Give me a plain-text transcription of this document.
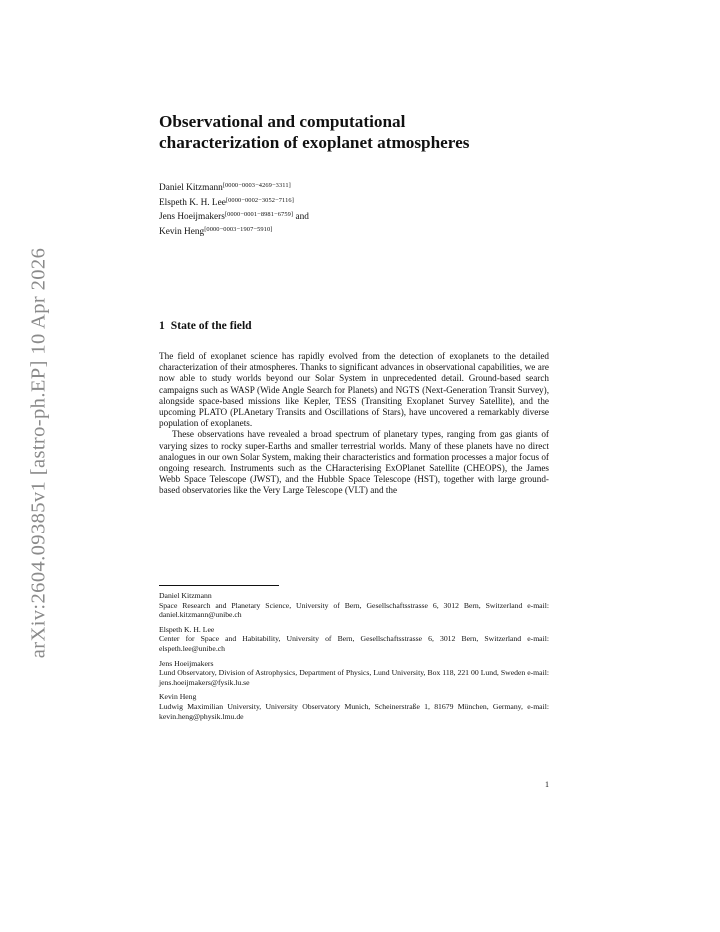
arXiv:2604.09385v1 [astro-ph.EP] 10 Apr 2026
Observational and computational
characterization of exoplanet atmospheres
Daniel Kitzmann[0000−0003−4269−3311]
Elspeth K. H. Lee[0000−0002−3052−7116]
Jens Hoeijmakers[0000−0001−8981−6759] and
Kevin Heng[0000−0003−1907−5910]
1 State of the field

The field of exoplanet science has rapidly evolved from the detection of exoplanets to the detailed characterization of their atmospheres. Thanks to significant advances in observational capabilities, we are now able to study worlds beyond our Solar System in unprecedented detail. Ground-based search campaigns such as WASP (Wide Angle Search for Planets) and NGTS (Next-Generation Transit Survey), alongside space-based missions like Kepler, TESS (Transiting Exoplanet Survey Satellite), and the upcoming PLATO (PLAnetary Transits and Oscillations of Stars), have uncovered a remarkably diverse population of exoplanets.

These observations have revealed a broad spectrum of planetary types, ranging from gas giants of varying sizes to rocky super-Earths and smaller terrestrial worlds. Many of these planets have no direct analogues in our own Solar System, making their characteristics and formation processes a major focus of ongoing research. Instruments such as the CHaracterising ExOPlanet Satellite (CHEOPS), the James Webb Space Telescope (JWST), and the Hubble Space Telescope (HST), together with large ground-based observatories like the Very Large Telescope (VLT) and the

Daniel Kitzmann
Space Research and Planetary Science, University of Bern, Gesellschaftsstrasse 6, 3012 Bern, Switzerland e-mail: daniel.kitzmann@unibe.ch
Elspeth K. H. Lee
Center for Space and Habitability, University of Bern, Gesellschaftsstrasse 6, 3012 Bern, Switzerland e-mail: elspeth.lee@unibe.ch
Jens Hoeijmakers
Lund Observatory, Division of Astrophysics, Department of Physics, Lund University, Box 118, 221 00 Lund, Sweden e-mail: jens.hoeijmakers@fysik.lu.se
Kevin Heng
Ludwig Maximilian University, University Observatory Munich, Scheinerstraße 1, 81679 München, Germany, e-mail: kevin.heng@physik.lmu.de
1
